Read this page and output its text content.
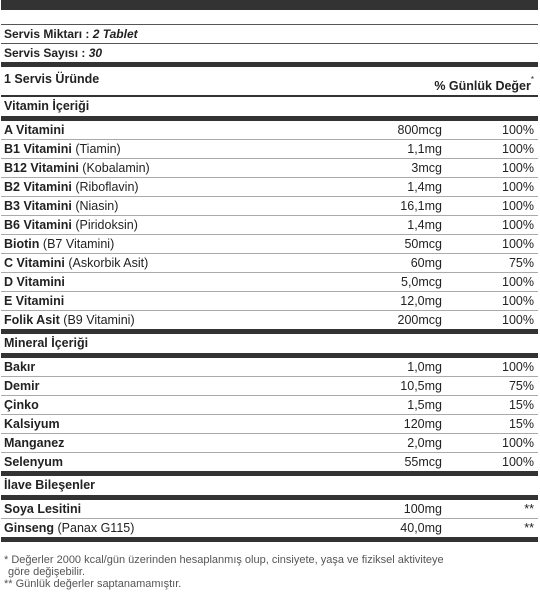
Servis Miktarı : 2 Tablet
Servis Sayısı : 30
1 Servis Üründe
% Günlük Değer*
Vitamin İçeriği
A Vitamini	800mcg	100%
B1 Vitamini (Tiamin)	1,1mg	100%
B12 Vitamini (Kobalamin)	3mcg	100%
B2 Vitamini (Riboflavin)	1,4mg	100%
B3 Vitamini (Niasin)	16,1mg	100%
B6 Vitamini (Piridoksin)	1,4mg	100%
Biotin (B7 Vitamini)	50mcg	100%
C Vitamini (Askorbik Asit)	60mg	75%
D Vitamini	5,0mcg	100%
E Vitamini	12,0mg	100%
Folik Asit (B9 Vitamini)	200mcg	100%
Mineral İçeriği
Bakır	1,0mg	100%
Demir	10,5mg	75%
Çinko	1,5mg	15%
Kalsiyum	120mg	15%
Manganez	2,0mg	100%
Selenyum	55mcg	100%
İlave Bileşenler
Soya Lesitini	100mg	**
Ginseng (Panax G115)	40,0mg	**
* Değerler 2000 kcal/gün üzerinden hesaplanmış olup, cinsiyete, yaşa ve fiziksel aktiviteye
göre değişebilir.
** Günlük değerler saptanamamıştır.
